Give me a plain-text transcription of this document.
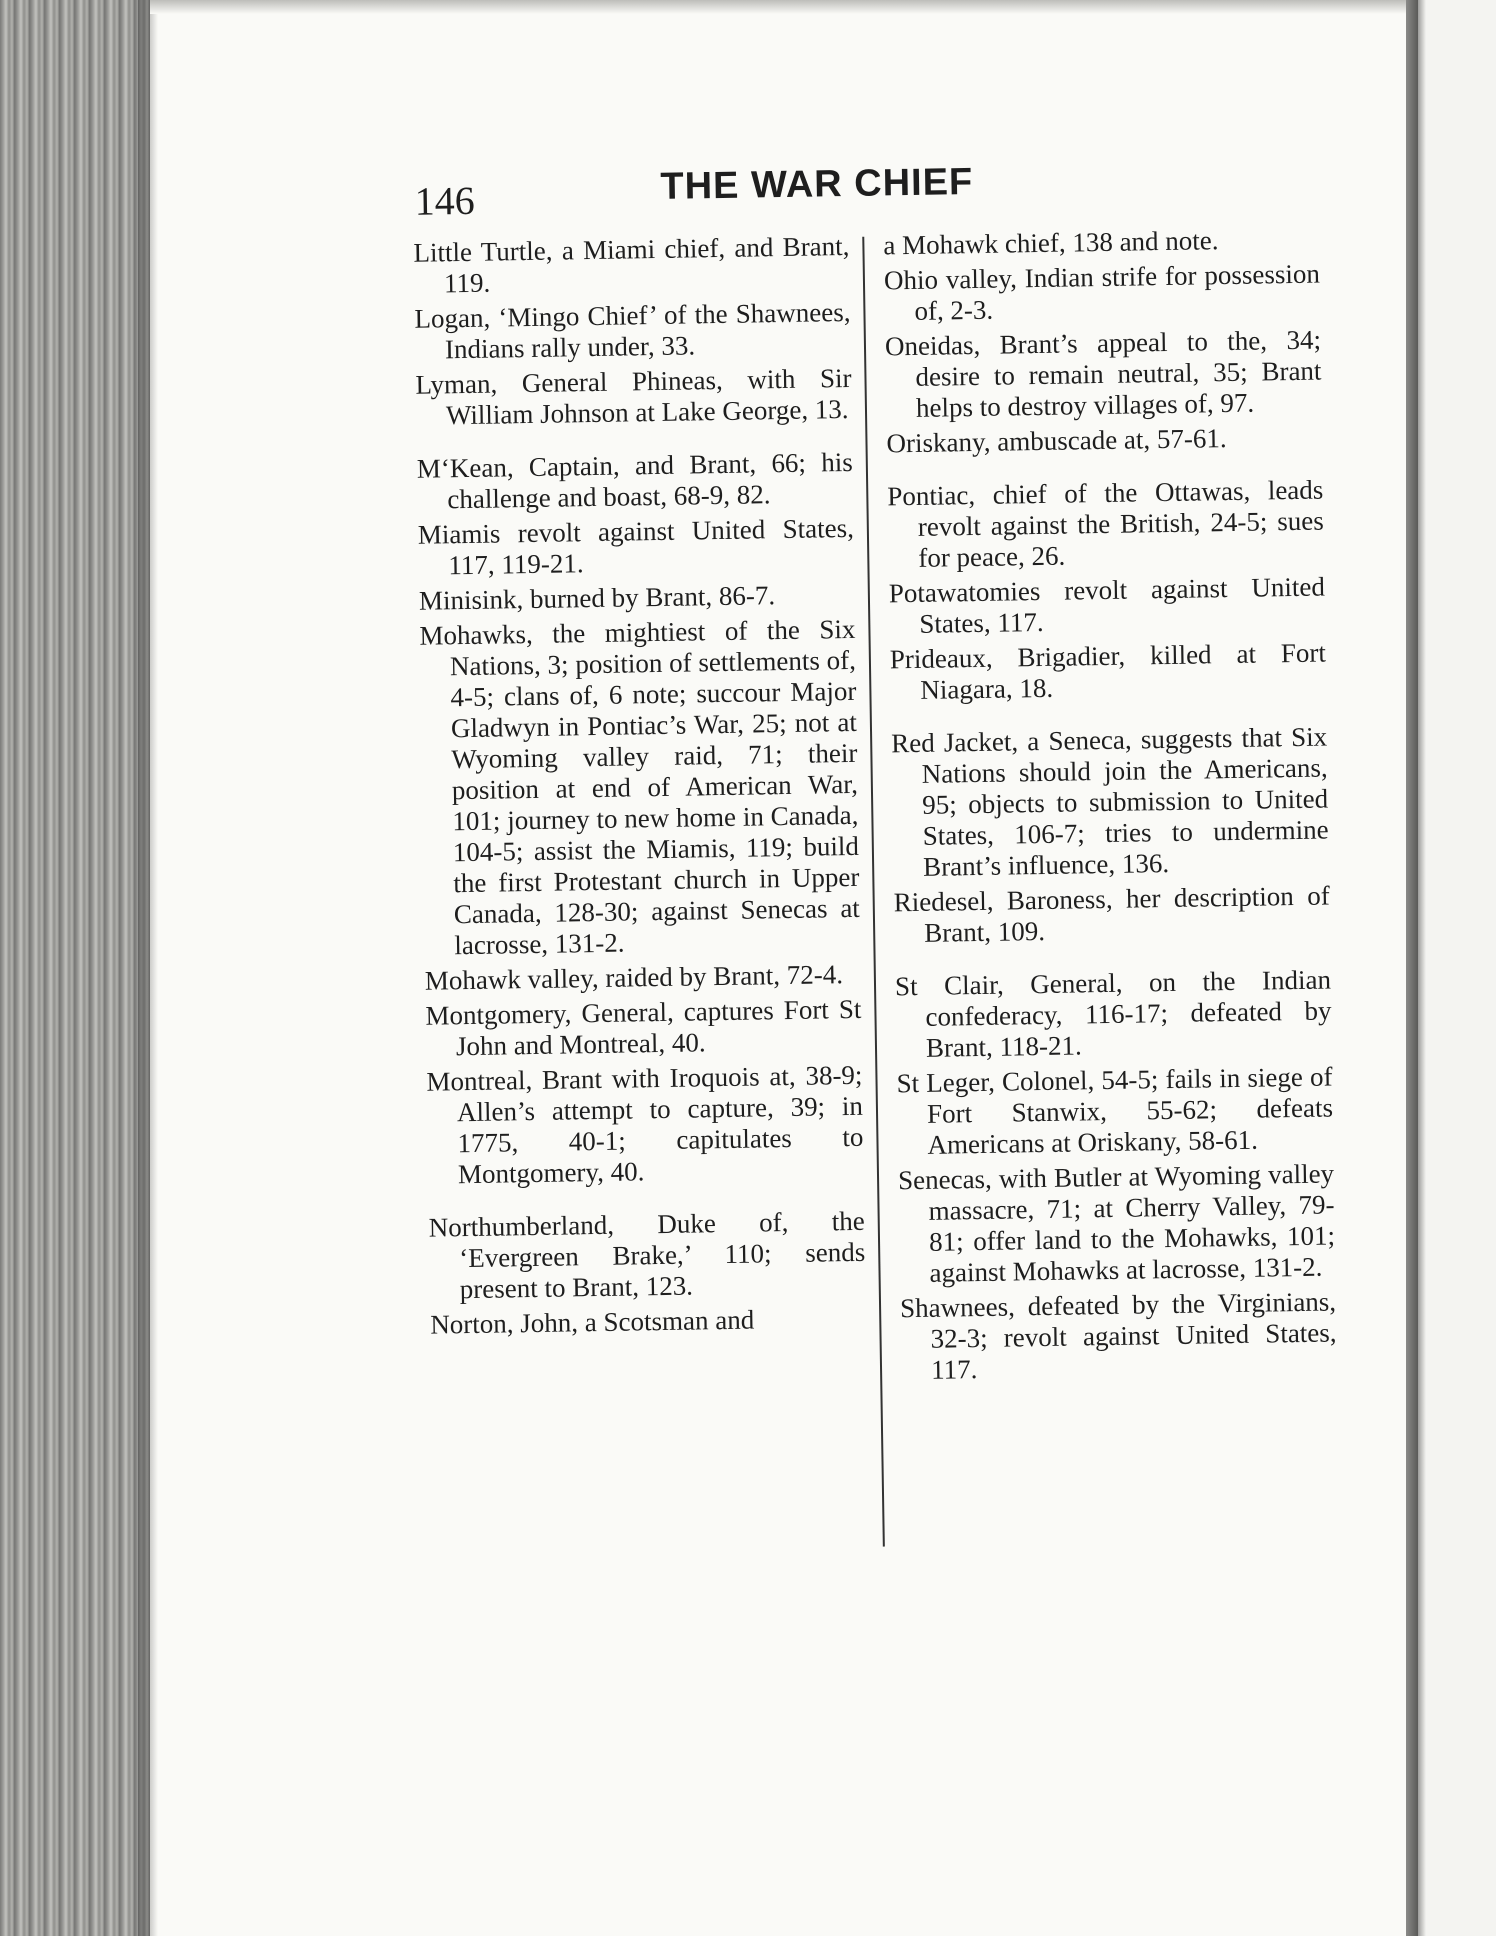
146	THE WAR CHIEF

Little Turtle, a Miami chief, and Brant, 119.

Logan, ‘Mingo Chief’ of the Shawnees, Indians rally under, 33.

Lyman, General Phineas, with Sir William Johnson at Lake George, 13.

M‘Kean, Captain, and Brant, 66; his challenge and boast, 68-9, 82.

Miamis revolt against United States, 117, 119-21.

Minisink, burned by Brant, 86-7.

Mohawks, the mightiest of the Six Nations, 3; position of settlements of, 4-5; clans of, 6 note; succour Major Gladwyn in Pontiac’s War, 25; not at Wyoming valley raid, 71; their position at end of American War, 101; journey to new home in Canada, 104-5; assist the Miamis, 119; build the first Protestant church in Upper Canada, 128-30; against Senecas at lacrosse, 131-2.

Mohawk valley, raided by Brant, 72-4.

Montgomery, General, captures Fort St John and Montreal, 40.

Montreal, Brant with Iroquois at, 38-9; Allen’s attempt to capture, 39; in 1775, 40-1; capitulates to Montgomery, 40.

Northumberland, Duke of, the ‘Evergreen Brake,’ 110; sends present to Brant, 123.

Norton, John, a Scotsman and

a Mohawk chief, 138 and note.

Ohio valley, Indian strife for possession of, 2-3.

Oneidas, Brant’s appeal to the, 34; desire to remain neutral, 35; Brant helps to destroy villages of, 97.

Oriskany, ambuscade at, 57-61.

Pontiac, chief of the Ottawas, leads revolt against the British, 24-5; sues for peace, 26.

Potawatomies revolt against United States, 117.

Prideaux, Brigadier, killed at Fort Niagara, 18.

Red Jacket, a Seneca, suggests that Six Nations should join the Americans, 95; objects to submission to United States, 106-7; tries to undermine Brant’s influence, 136.

Riedesel, Baroness, her description of Brant, 109.

St Clair, General, on the Indian confederacy, 116-17; defeated by Brant, 118-21.

St Leger, Colonel, 54-5; fails in siege of Fort Stanwix, 55-62; defeats Americans at Oriskany, 58-61.

Senecas, with Butler at Wyoming valley massacre, 71; at Cherry Valley, 79-81; offer land to the Mohawks, 101; against Mohawks at lacrosse, 131-2.

Shawnees, defeated by the Virginians, 32-3; revolt against United States, 117.
